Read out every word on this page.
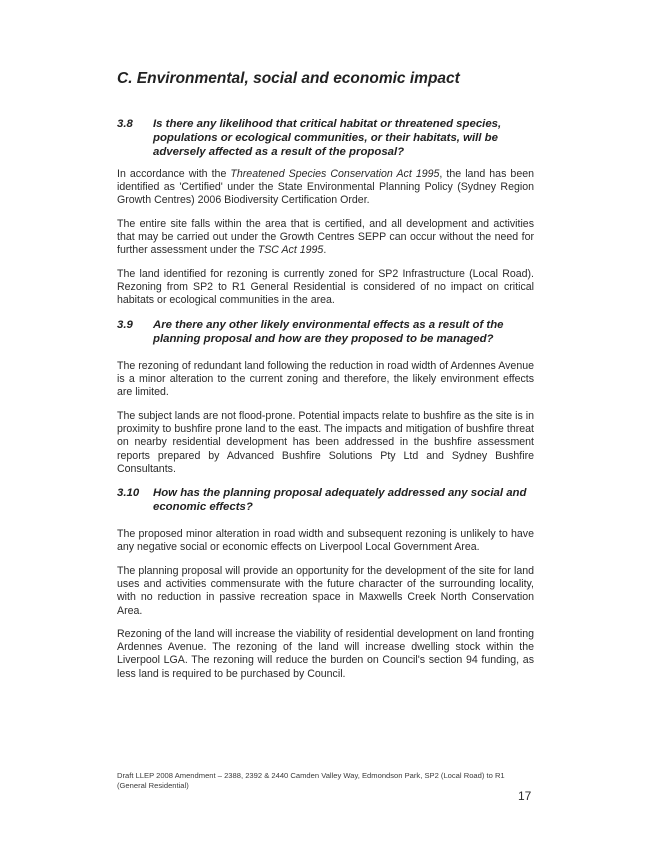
C. Environmental, social and economic impact
3.8	Is there any likelihood that critical habitat or threatened species, populations or ecological communities, or their habitats, will be adversely affected as a result of the proposal?

In accordance with the Threatened Species Conservation Act 1995, the land has been identified as 'Certified' under the State Environmental Planning Policy (Sydney Region Growth Centres) 2006 Biodiversity Certification Order.

The entire site falls within the area that is certified, and all development and activities that may be carried out under the Growth Centres SEPP can occur without the need for further assessment under the TSC Act 1995.

The land identified for rezoning is currently zoned for SP2 Infrastructure (Local Road). Rezoning from SP2 to R1 General Residential is considered of no impact on critical habitats or ecological communities in the area.

3.9	Are there any other likely environmental effects as a result of the planning proposal and how are they proposed to be managed?

The rezoning of redundant land following the reduction in road width of Ardennes Avenue is a minor alteration to the current zoning and therefore, the likely environment effects are limited.

The subject lands are not flood-prone. Potential impacts relate to bushfire as the site is in proximity to bushfire prone land to the east. The impacts and mitigation of bushfire threat on nearby residential development has been addressed in the bushfire assessment reports prepared by Advanced Bushfire Solutions Pty Ltd and Sydney Bushfire Consultants.

3.10	How has the planning proposal adequately addressed any social and economic effects?

The proposed minor alteration in road width and subsequent rezoning is unlikely to have any negative social or economic effects on Liverpool Local Government Area.

The planning proposal will provide an opportunity for the development of the site for land uses and activities commensurate with the future character of the surrounding locality, with no reduction in passive recreation space in Maxwells Creek North Conservation Area.

Rezoning of the land will increase the viability of residential development on land fronting Ardennes Avenue. The rezoning of the land will increase dwelling stock within the Liverpool LGA. The rezoning will reduce the burden on Council's section 94 funding, as less land is required to be purchased by Council.

Draft LLEP 2008 Amendment – 2388, 2392 & 2440 Camden Valley Way, Edmondson Park, SP2 (Local Road) to R1 (General Residential)
17
